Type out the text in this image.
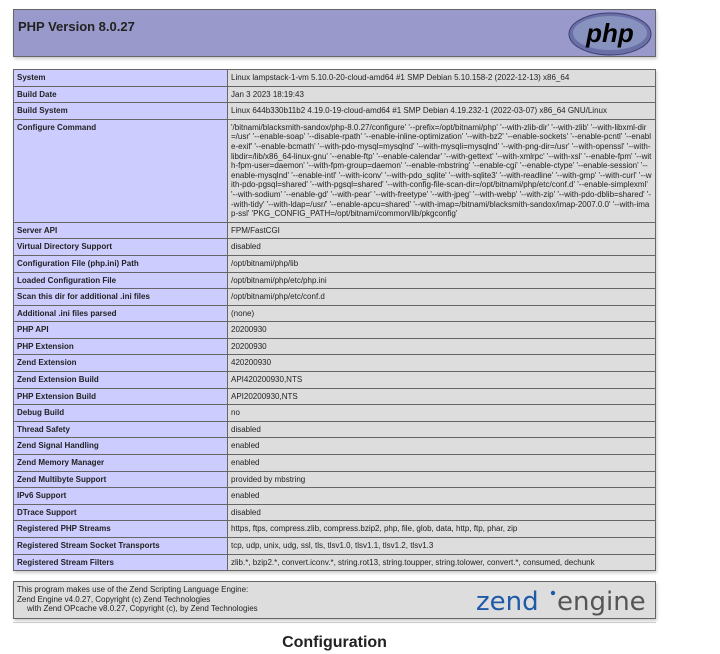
PHP Version 8.0.27	php
System	Linux lampstack-1-vm 5.10.0-20-cloud-amd64 #1 SMP Debian 5.10.158-2 (2022-12-13) x86_64
Build Date	Jan 3 2023 18:19:43
Build System	Linux 644b330b11b2 4.19.0-19-cloud-amd64 #1 SMP Debian 4.19.232-1 (2022-03-07) x86_64 GNU/Linux
Configure Command	'/bitnami/blacksmith-sandox/php-8.0.27/configure' '--prefix=/opt/bitnami/php' '--with-zlib-dir' '--with-zlib' '--with-libxml-dir=/usr' '--enable-soap' '--disable-rpath' '--enable-inline-optimization' '--with-bz2' '--enable-sockets' '--enable-pcntl' '--enable-exif' '--enable-bcmath' '--with-pdo-mysql=mysqlnd' '--with-mysqli=mysqlnd' '--with-png-dir=/usr' '--with-openssl' '--with-libdir=/lib/x86_64-linux-gnu' '--enable-ftp' '--enable-calendar' '--with-gettext' '--with-xmlrpc' '--with-xsl' '--enable-fpm' '--with-fpm-user=daemon' '--with-fpm-group=daemon' '--enable-mbstring' '--enable-cgi' '--enable-ctype' '--enable-session' '--enable-mysqlnd' '--enable-intl' '--with-iconv' '--with-pdo_sqlite' '--with-sqlite3' '--with-readline' '--with-gmp' '--with-curl' '--with-pdo-pgsql=shared' '--with-pgsql=shared' '--with-config-file-scan-dir=/opt/bitnami/php/etc/conf.d' '--enable-simplexml' '--with-sodium' '--enable-gd' '--with-pear' '--with-freetype' '--with-jpeg' '--with-webp' '--with-zip' '--with-pdo-dblib=shared' '--with-tidy' '--with-ldap=/usr/' '--enable-apcu=shared' '--with-imap=/bitnami/blacksmith-sandox/imap-2007.0.0' '--with-imap-ssl' 'PKG_CONFIG_PATH=/opt/bitnami/common/lib/pkgconfig'
Server API	FPM/FastCGI
Virtual Directory Support	disabled
Configuration File (php.ini) Path	/opt/bitnami/php/lib
Loaded Configuration File	/opt/bitnami/php/etc/php.ini
Scan this dir for additional .ini files	/opt/bitnami/php/etc/conf.d
Additional .ini files parsed	(none)
PHP API	20200930
PHP Extension	20200930
Zend Extension	420200930
Zend Extension Build	API420200930,NTS
PHP Extension Build	API20200930,NTS
Debug Build	no
Thread Safety	disabled
Zend Signal Handling	enabled
Zend Memory Manager	enabled
Zend Multibyte Support	provided by mbstring
IPv6 Support	enabled
DTrace Support	disabled
Registered PHP Streams	https, ftps, compress.zlib, compress.bzip2, php, file, glob, data, http, ftp, phar, zip
Registered Stream Socket Transports	tcp, udp, unix, udg, ssl, tls, tlsv1.0, tlsv1.1, tlsv1.2, tlsv1.3
Registered Stream Filters	zlib.*, bzip2.*, convert.iconv.*, string.rot13, string.toupper, string.tolower, convert.*, consumed, dechunk
This program makes use of the Zend Scripting Language Engine:
Zend Engine v4.0.27, Copyright (c) Zend Technologies
with Zend OPcache v8.0.27, Copyright (c), by Zend Technologies	zend engine
Configuration
